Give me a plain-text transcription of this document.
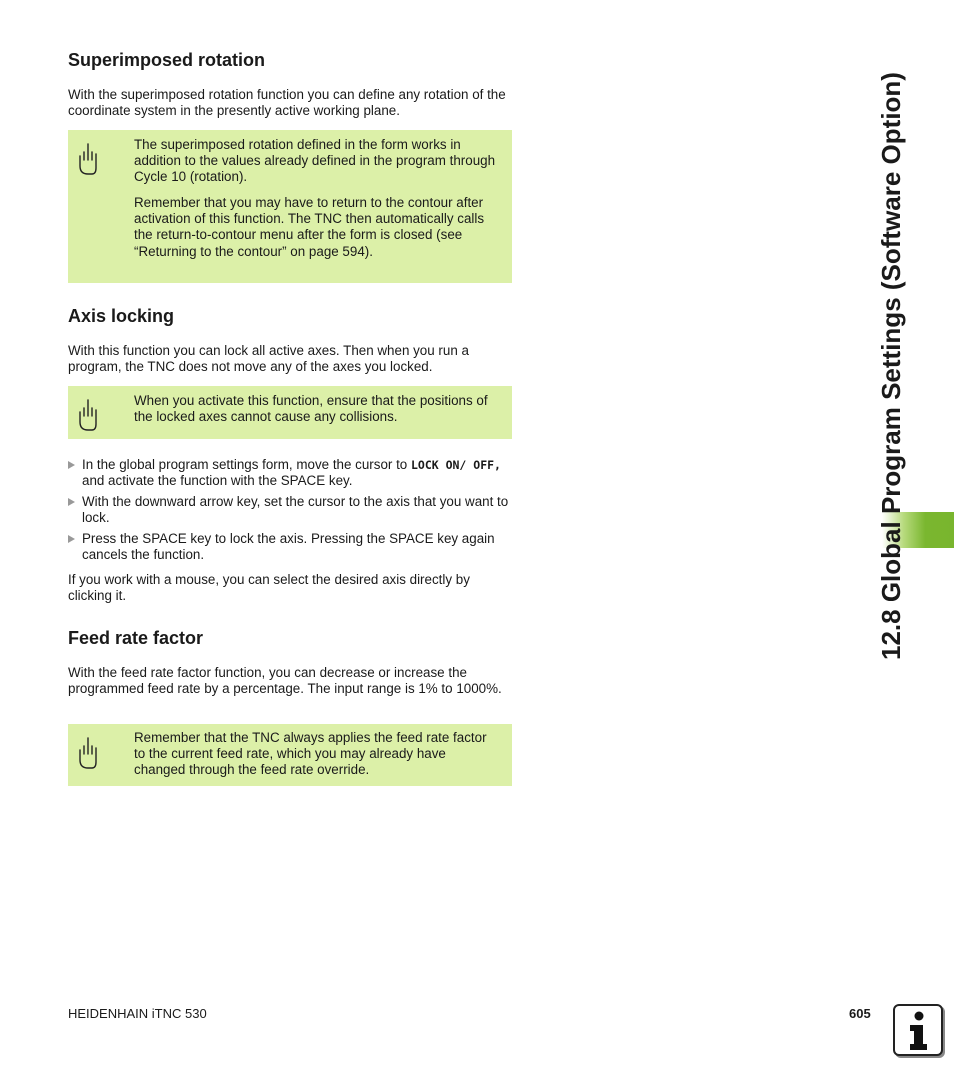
Superimposed rotation

With the superimposed rotation function you can define any rotation of the coordinate system in the presently active working plane.

The superimposed rotation defined in the form works in addition to the values already defined in the program through Cycle 10 (rotation).

Remember that you may have to return to the contour after activation of this function. The TNC then automatically calls the return-to-contour menu after the form is closed (see “Returning to the contour” on page 594).

Axis locking

With this function you can lock all active axes. Then when you run a program, the TNC does not move any of the axes you locked.

When you activate this function, ensure that the positions of the locked axes cannot cause any collisions.

In the global program settings form, move the cursor to LOCK ON/ OFF, and activate the function with the SPACE key.
With the downward arrow key, set the cursor to the axis that you want to lock.
Press the SPACE key to lock the axis. Pressing the SPACE key again cancels the function.

If you work with a mouse, you can select the desired axis directly by clicking it.

Feed rate factor

With the feed rate factor function, you can decrease or increase the programmed feed rate by a percentage. The input range is 1% to 1000%.

Remember that the TNC always applies the feed rate factor to the current feed rate, which you may already have changed through the feed rate override.

12.8 Global Program Settings (Software Option)
HEIDENHAIN iTNC 530	605
